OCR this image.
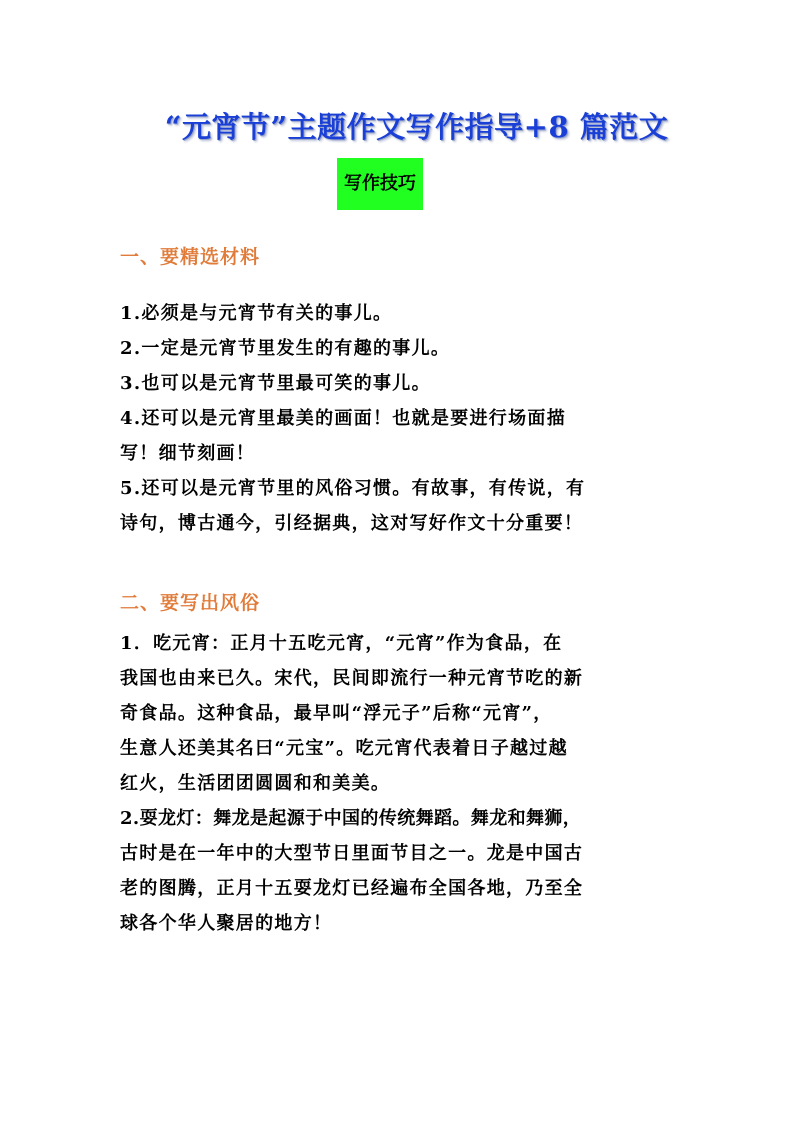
“元宵节”主题作文写作指导+8 篇范文
写作技巧
一、要精选材料
1.必须是与元宵节有关的事儿。
2.一定是元宵节里发生的有趣的事儿。
3.也可以是元宵节里最可笑的事儿。
4.还可以是元宵里最美的画面！也就是要进行场面描
写！细节刻画！
5.还可以是元宵节里的风俗习惯。有故事，有传说，有
诗句，博古通今，引经据典，这对写好作文十分重要！
二、要写出风俗
1．吃元宵：正月十五吃元宵，“元宵”作为食品，在
我国也由来已久。宋代，民间即流行一种元宵节吃的新
奇食品。这种食品，最早叫“浮元子”后称“元宵”，
生意人还美其名曰“元宝”。吃元宵代表着日子越过越
红火，生活团团圆圆和和美美。
2.耍龙灯：舞龙是起源于中国的传统舞蹈。舞龙和舞狮，
古时是在一年中的大型节日里面节目之一。龙是中国古
老的图腾，正月十五耍龙灯已经遍布全国各地，乃至全
球各个华人聚居的地方！
